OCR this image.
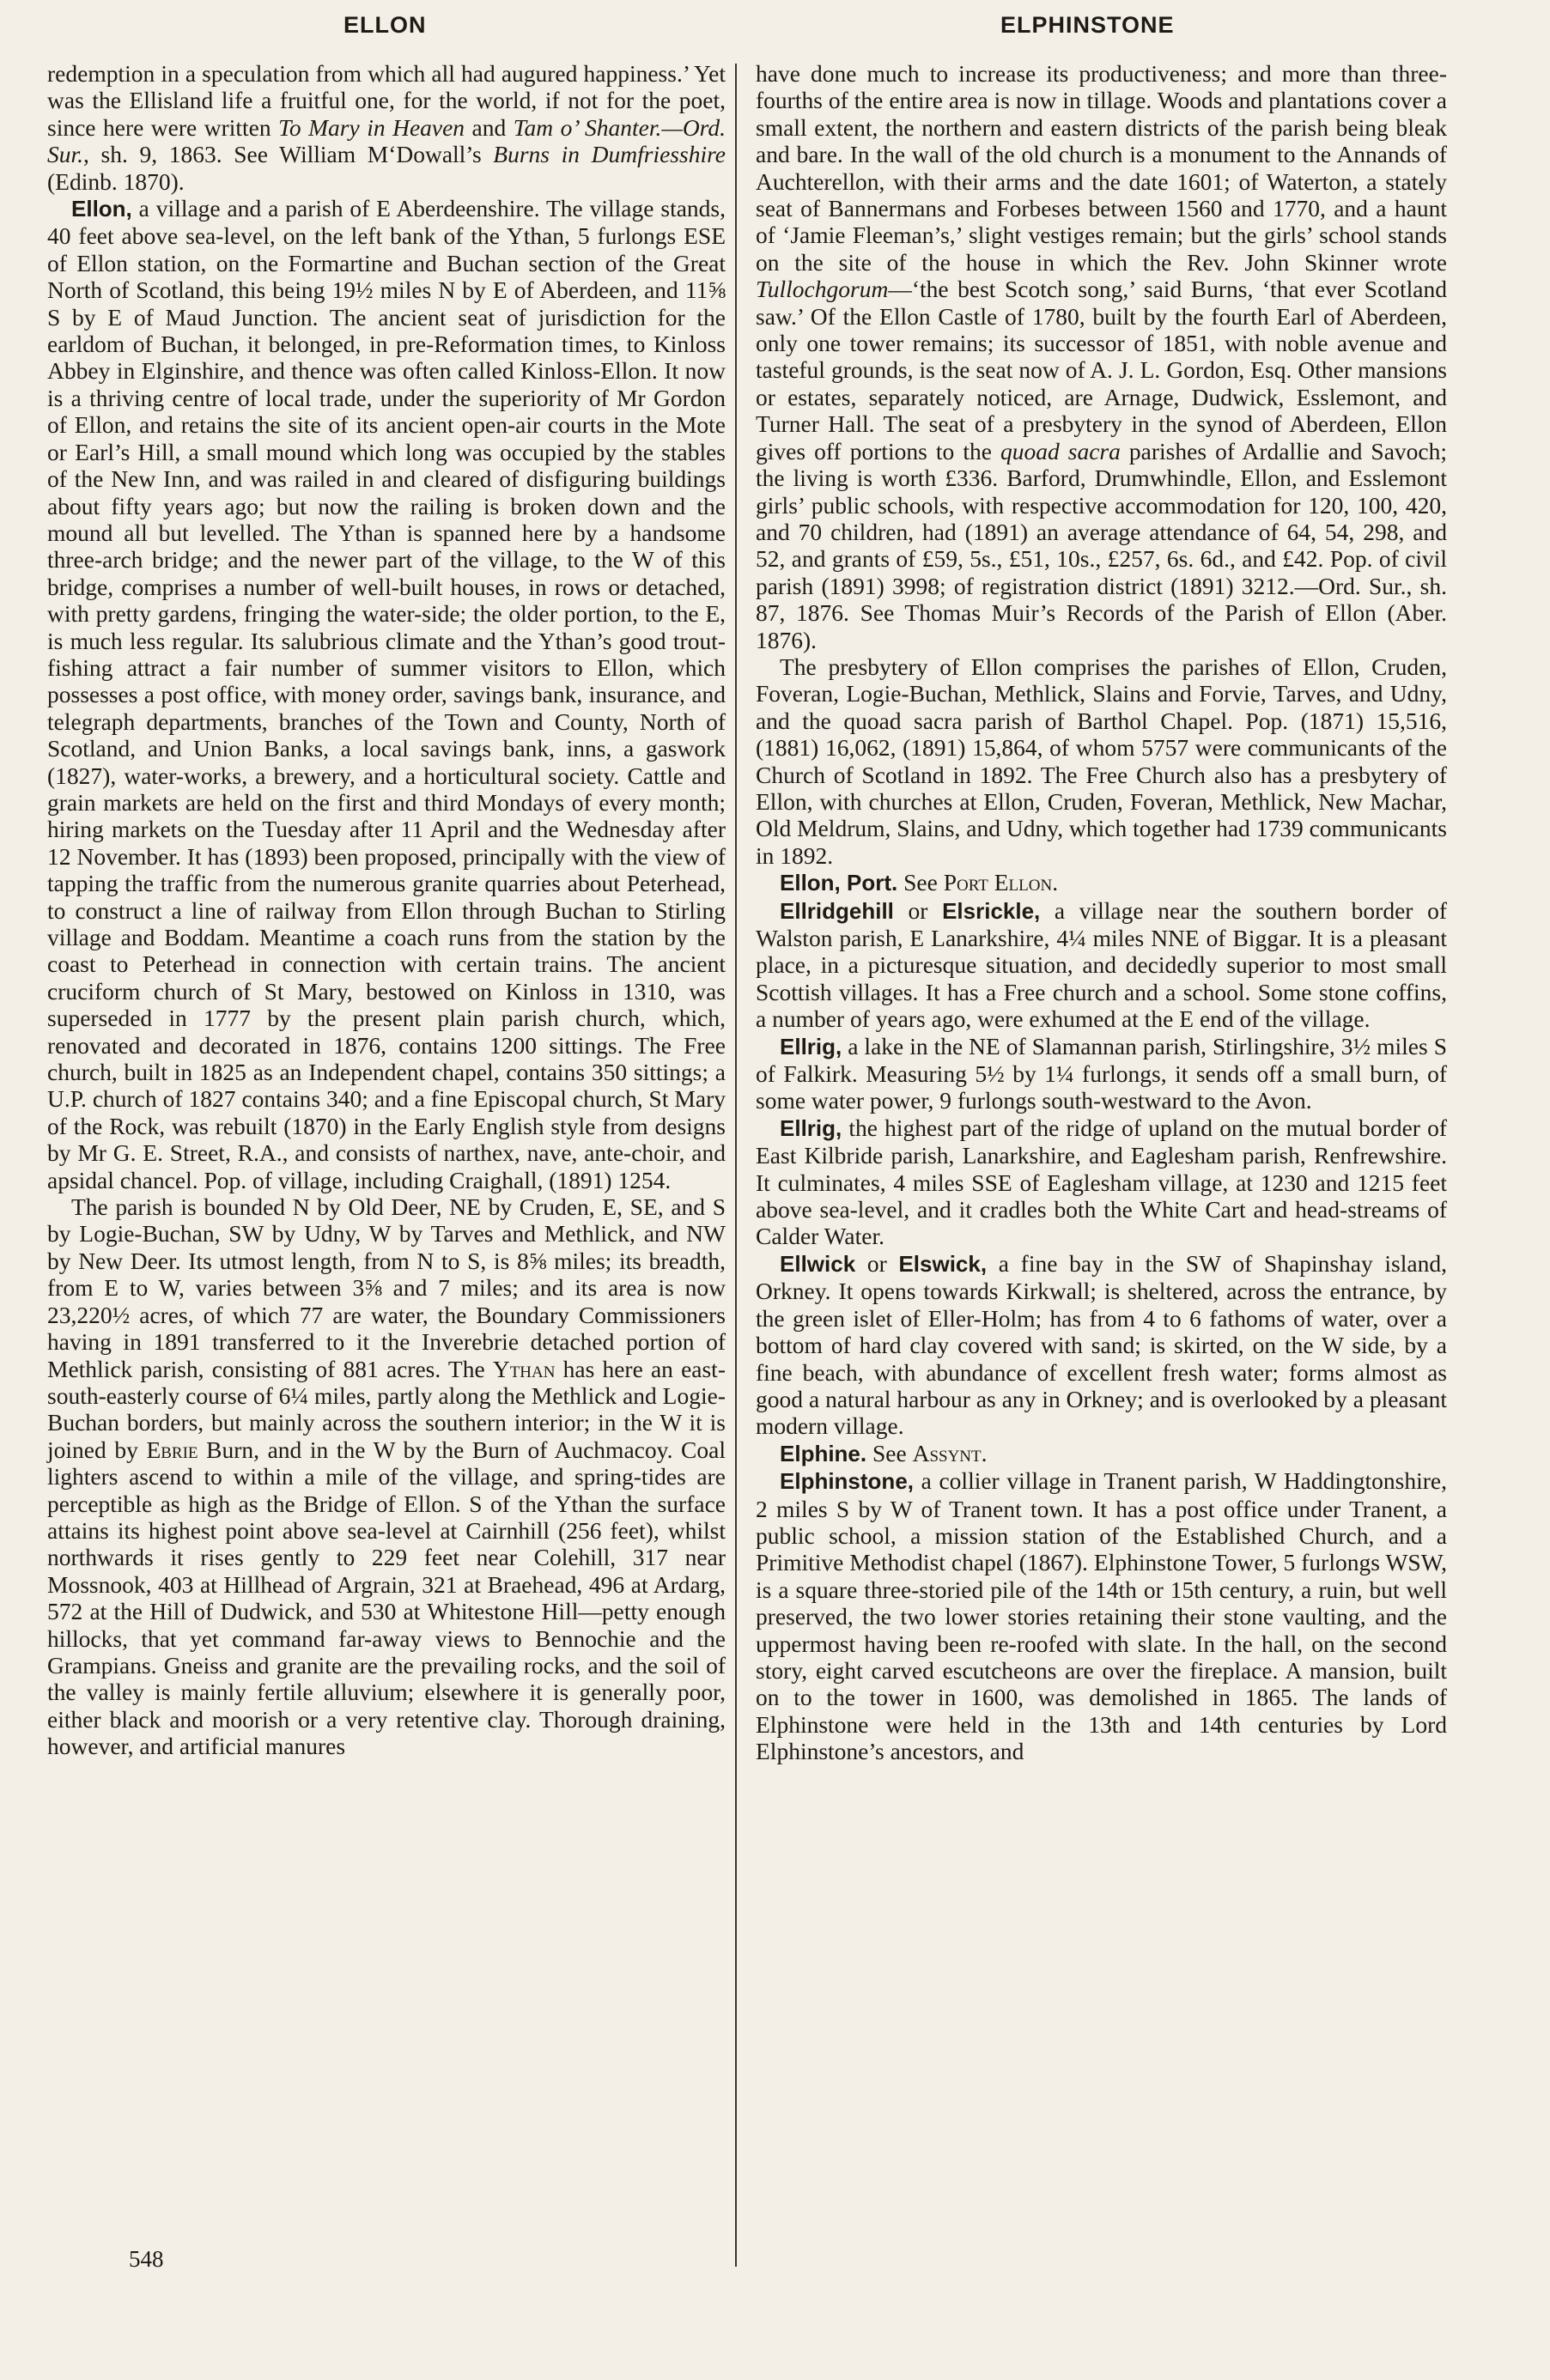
ELLON	ELPHINSTONE

redemption in a speculation from which all had augured happiness.’ Yet was the Ellisland life a fruitful one, for the world, if not for the poet, since here were written To Mary in Heaven and Tam o’ Shanter.—Ord. Sur., sh. 9, 1863. See William M‘Dowall’s Burns in Dumfriesshire (Edinb. 1870).

Ellon, a village and a parish of E Aberdeenshire. The village stands, 40 feet above sea-level, on the left bank of the Ythan, 5 furlongs ESE of Ellon station, on the Formartine and Buchan section of the Great North of Scotland, this being 19½ miles N by E of Aberdeen, and 11⅝ S by E of Maud Junction. The ancient seat of jurisdiction for the earldom of Buchan, it belonged, in pre-Reformation times, to Kinloss Abbey in Elginshire, and thence was often called Kinloss-Ellon. It now is a thriving centre of local trade, under the superiority of Mr Gordon of Ellon, and retains the site of its ancient open-air courts in the Mote or Earl’s Hill, a small mound which long was occupied by the stables of the New Inn, and was railed in and cleared of disfiguring buildings about fifty years ago; but now the railing is broken down and the mound all but levelled. The Ythan is spanned here by a handsome three-arch bridge; and the newer part of the village, to the W of this bridge, comprises a number of well-built houses, in rows or detached, with pretty gardens, fringing the water-side; the older portion, to the E, is much less regular. Its salubrious climate and the Ythan’s good trout-fishing attract a fair number of summer visitors to Ellon, which possesses a post office, with money order, savings bank, insurance, and telegraph departments, branches of the Town and County, North of Scotland, and Union Banks, a local savings bank, inns, a gaswork (1827), water-works, a brewery, and a horticultural society. Cattle and grain markets are held on the first and third Mondays of every month; hiring markets on the Tuesday after 11 April and the Wednesday after 12 November. It has (1893) been proposed, principally with the view of tapping the traffic from the numerous granite quarries about Peterhead, to construct a line of railway from Ellon through Buchan to Stirling village and Boddam. Meantime a coach runs from the station by the coast to Peterhead in connection with certain trains. The ancient cruciform church of St Mary, bestowed on Kinloss in 1310, was superseded in 1777 by the present plain parish church, which, renovated and decorated in 1876, contains 1200 sittings. The Free church, built in 1825 as an Independent chapel, contains 350 sittings; a U.P. church of 1827 contains 340; and a fine Episcopal church, St Mary of the Rock, was rebuilt (1870) in the Early English style from designs by Mr G. E. Street, R.A., and consists of narthex, nave, ante-choir, and apsidal chancel. Pop. of village, including Craighall, (1891) 1254.

The parish is bounded N by Old Deer, NE by Cruden, E, SE, and S by Logie-Buchan, SW by Udny, W by Tarves and Methlick, and NW by New Deer. Its utmost length, from N to S, is 8⅝ miles; its breadth, from E to W, varies between 3⅝ and 7 miles; and its area is now 23,220½ acres, of which 77 are water, the Boundary Commissioners having in 1891 transferred to it the Inverebrie detached portion of Methlick parish, consisting of 881 acres. The Ythan has here an east-south-easterly course of 6¼ miles, partly along the Methlick and Logie-Buchan borders, but mainly across the southern interior; in the W it is joined by Ebrie Burn, and in the W by the Burn of Auchmacoy. Coal lighters ascend to within a mile of the village, and spring-tides are perceptible as high as the Bridge of Ellon. S of the Ythan the surface attains its highest point above sea-level at Cairnhill (256 feet), whilst northwards it rises gently to 229 feet near Colehill, 317 near Mossnook, 403 at Hillhead of Argrain, 321 at Braehead, 496 at Ardarg, 572 at the Hill of Dudwick, and 530 at Whitestone Hill—petty enough hillocks, that yet command far-away views to Bennochie and the Grampians. Gneiss and granite are the prevailing rocks, and the soil of the valley is mainly fertile alluvium; elsewhere it is generally poor, either black and moorish or a very retentive clay. Thorough draining, however, and artificial manures

have done much to increase its productiveness; and more than three-fourths of the entire area is now in tillage. Woods and plantations cover a small extent, the northern and eastern districts of the parish being bleak and bare. In the wall of the old church is a monument to the Annands of Auchterellon, with their arms and the date 1601; of Waterton, a stately seat of Bannermans and Forbeses between 1560 and 1770, and a haunt of ‘Jamie Fleeman’s,’ slight vestiges remain; but the girls’ school stands on the site of the house in which the Rev. John Skinner wrote Tullochgorum—‘the best Scotch song,’ said Burns, ‘that ever Scotland saw.’ Of the Ellon Castle of 1780, built by the fourth Earl of Aberdeen, only one tower remains; its successor of 1851, with noble avenue and tasteful grounds, is the seat now of A. J. L. Gordon, Esq. Other mansions or estates, separately noticed, are Arnage, Dudwick, Esslemont, and Turner Hall. The seat of a presbytery in the synod of Aberdeen, Ellon gives off portions to the quoad sacra parishes of Ardallie and Savoch; the living is worth £336. Barford, Drumwhindle, Ellon, and Esslemont girls’ public schools, with respective accommodation for 120, 100, 420, and 70 children, had (1891) an average attendance of 64, 54, 298, and 52, and grants of £59, 5s., £51, 10s., £257, 6s. 6d., and £42. Pop. of civil parish (1891) 3998; of registration district (1891) 3212.—Ord. Sur., sh. 87, 1876. See Thomas Muir’s Records of the Parish of Ellon (Aber. 1876).

The presbytery of Ellon comprises the parishes of Ellon, Cruden, Foveran, Logie-Buchan, Methlick, Slains and Forvie, Tarves, and Udny, and the quoad sacra parish of Barthol Chapel. Pop. (1871) 15,516, (1881) 16,062, (1891) 15,864, of whom 5757 were communicants of the Church of Scotland in 1892. The Free Church also has a presbytery of Ellon, with churches at Ellon, Cruden, Foveran, Methlick, New Machar, Old Meldrum, Slains, and Udny, which together had 1739 communicants in 1892.

Ellon, Port. See Port Ellon.

Ellridgehill or Elsrickle, a village near the southern border of Walston parish, E Lanarkshire, 4¼ miles NNE of Biggar. It is a pleasant place, in a picturesque situation, and decidedly superior to most small Scottish villages. It has a Free church and a school. Some stone coffins, a number of years ago, were exhumed at the E end of the village.

Ellrig, a lake in the NE of Slamannan parish, Stirlingshire, 3½ miles S of Falkirk. Measuring 5½ by 1¼ furlongs, it sends off a small burn, of some water power, 9 furlongs south-westward to the Avon.

Ellrig, the highest part of the ridge of upland on the mutual border of East Kilbride parish, Lanarkshire, and Eaglesham parish, Renfrewshire. It culminates, 4 miles SSE of Eaglesham village, at 1230 and 1215 feet above sea-level, and it cradles both the White Cart and head-streams of Calder Water.

Ellwick or Elswick, a fine bay in the SW of Shapinshay island, Orkney. It opens towards Kirkwall; is sheltered, across the entrance, by the green islet of Eller-Holm; has from 4 to 6 fathoms of water, over a bottom of hard clay covered with sand; is skirted, on the W side, by a fine beach, with abundance of excellent fresh water; forms almost as good a natural harbour as any in Orkney; and is overlooked by a pleasant modern village.

Elphine. See Assynt.

Elphinstone, a collier village in Tranent parish, W Haddingtonshire, 2 miles S by W of Tranent town. It has a post office under Tranent, a public school, a mission station of the Established Church, and a Primitive Methodist chapel (1867). Elphinstone Tower, 5 furlongs WSW, is a square three-storied pile of the 14th or 15th century, a ruin, but well preserved, the two lower stories retaining their stone vaulting, and the uppermost having been re-roofed with slate. In the hall, on the second story, eight carved escutcheons are over the fireplace. A mansion, built on to the tower in 1600, was demolished in 1865. The lands of Elphinstone were held in the 13th and 14th centuries by Lord Elphinstone’s ancestors, and

548
